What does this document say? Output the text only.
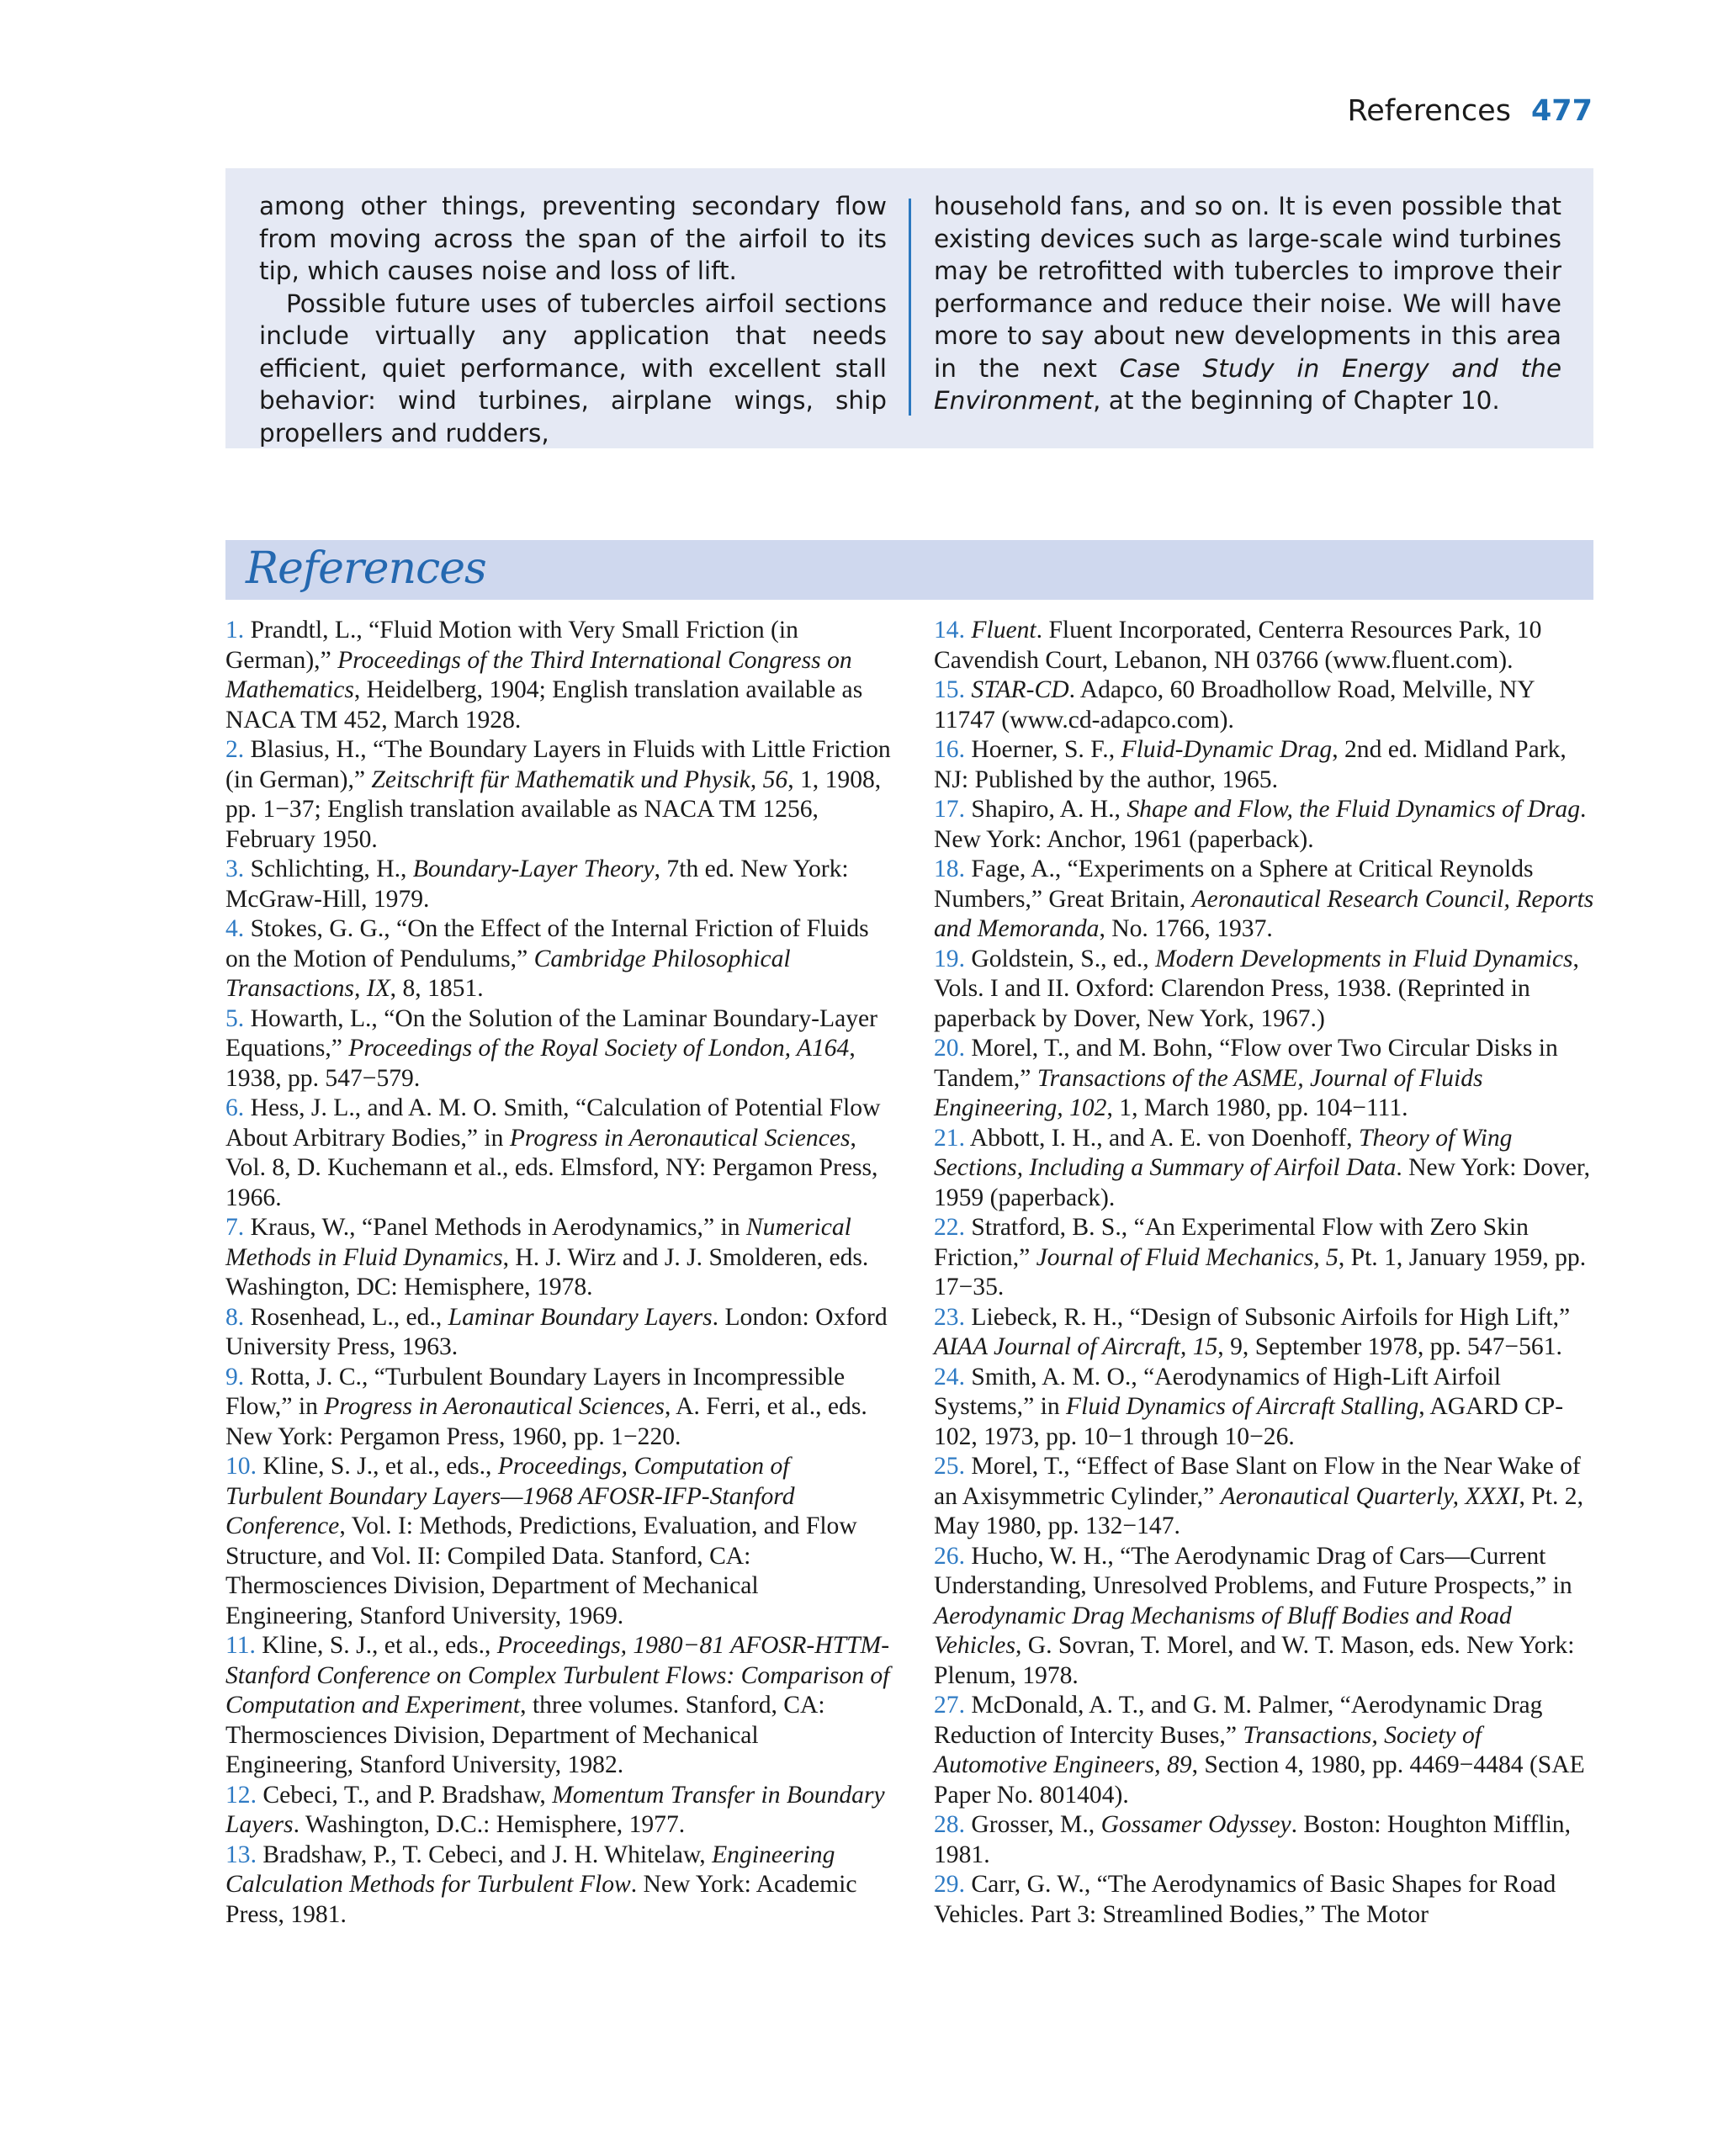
References 477

among other things, preventing secondary flow from moving across the span of the airfoil to its tip, which causes noise and loss of lift.

Possible future uses of tubercles airfoil sections include virtually any application that needs efficient, quiet performance, with excellent stall behavior: wind turbines, airplane wings, ship propellers and rudders,

household fans, and so on. It is even possible that existing devices such as large-scale wind turbines may be retrofitted with tubercles to improve their performance and reduce their noise. We will have more to say about new developments in this area in the next Case Study in Energy and the Environment, at the beginning of Chapter 10.

References

1. Prandtl, L., “Fluid Motion with Very Small Friction (in German),” Proceedings of the Third International Congress on Mathematics, Heidelberg, 1904; English translation available as NACA TM 452, March 1928.

2. Blasius, H., “The Boundary Layers in Fluids with Little Friction (in German),” Zeitschrift für Mathematik und Physik, 56, 1, 1908, pp. 1−37; English translation available as NACA TM 1256, February 1950.

3. Schlichting, H., Boundary-Layer Theory, 7th ed. New York: McGraw-Hill, 1979.

4. Stokes, G. G., “On the Effect of the Internal Friction of Fluids on the Motion of Pendulums,” Cambridge Philosophical Transactions, IX, 8, 1851.

5. Howarth, L., “On the Solution of the Laminar Boundary-Layer Equations,” Proceedings of the Royal Society of London, A164, 1938, pp. 547−579.

6. Hess, J. L., and A. M. O. Smith, “Calculation of Potential Flow About Arbitrary Bodies,” in Progress in Aeronautical Sciences, Vol. 8, D. Kuchemann et al., eds. Elmsford, NY: Pergamon Press, 1966.

7. Kraus, W., “Panel Methods in Aerodynamics,” in Numerical Methods in Fluid Dynamics, H. J. Wirz and J. J. Smolderen, eds. Washington, DC: Hemisphere, 1978.

8. Rosenhead, L., ed., Laminar Boundary Layers. London: Oxford University Press, 1963.

9. Rotta, J. C., “Turbulent Boundary Layers in Incompressible Flow,” in Progress in Aeronautical Sciences, A. Ferri, et al., eds. New York: Pergamon Press, 1960, pp. 1−220.

10. Kline, S. J., et al., eds., Proceedings, Computation of Turbulent Boundary Layers—1968 AFOSR-IFP-Stanford Conference, Vol. I: Methods, Predictions, Evaluation, and Flow Structure, and Vol. II: Compiled Data. Stanford, CA: Thermosciences Division, Department of Mechanical Engineering, Stanford University, 1969.

11. Kline, S. J., et al., eds., Proceedings, 1980−81 AFOSR-HTTM-Stanford Conference on Complex Turbulent Flows: Comparison of Computation and Experiment, three volumes. Stanford, CA: Thermosciences Division, Department of Mechanical Engineering, Stanford University, 1982.

12. Cebeci, T., and P. Bradshaw, Momentum Transfer in Boundary Layers. Washington, D.C.: Hemisphere, 1977.

13. Bradshaw, P., T. Cebeci, and J. H. Whitelaw, Engineering Calculation Methods for Turbulent Flow. New York: Academic Press, 1981.

14. Fluent. Fluent Incorporated, Centerra Resources Park, 10 Cavendish Court, Lebanon, NH 03766 (www.fluent.com).

15. STAR-CD. Adapco, 60 Broadhollow Road, Melville, NY 11747 (www.cd-adapco.com).

16. Hoerner, S. F., Fluid-Dynamic Drag, 2nd ed. Midland Park, NJ: Published by the author, 1965.

17. Shapiro, A. H., Shape and Flow, the Fluid Dynamics of Drag. New York: Anchor, 1961 (paperback).

18. Fage, A., “Experiments on a Sphere at Critical Reynolds Numbers,” Great Britain, Aeronautical Research Council, Reports and Memoranda, No. 1766, 1937.

19. Goldstein, S., ed., Modern Developments in Fluid Dynamics, Vols. I and II. Oxford: Clarendon Press, 1938. (Reprinted in paperback by Dover, New York, 1967.)

20. Morel, T., and M. Bohn, “Flow over Two Circular Disks in Tandem,” Transactions of the ASME, Journal of Fluids Engineering, 102, 1, March 1980, pp. 104−111.

21. Abbott, I. H., and A. E. von Doenhoff, Theory of Wing Sections, Including a Summary of Airfoil Data. New York: Dover, 1959 (paperback).

22. Stratford, B. S., “An Experimental Flow with Zero Skin Friction,” Journal of Fluid Mechanics, 5, Pt. 1, January 1959, pp. 17−35.

23. Liebeck, R. H., “Design of Subsonic Airfoils for High Lift,” AIAA Journal of Aircraft, 15, 9, September 1978, pp. 547−561.

24. Smith, A. M. O., “Aerodynamics of High-Lift Airfoil Systems,” in Fluid Dynamics of Aircraft Stalling, AGARD CP-102, 1973, pp. 10−1 through 10−26.

25. Morel, T., “Effect of Base Slant on Flow in the Near Wake of an Axisymmetric Cylinder,” Aeronautical Quarterly, XXXI, Pt. 2, May 1980, pp. 132−147.

26. Hucho, W. H., “The Aerodynamic Drag of Cars—Current Understanding, Unresolved Problems, and Future Prospects,” in Aerodynamic Drag Mechanisms of Bluff Bodies and Road Vehicles, G. Sovran, T. Morel, and W. T. Mason, eds. New York: Plenum, 1978.

27. McDonald, A. T., and G. M. Palmer, “Aerodynamic Drag Reduction of Intercity Buses,” Transactions, Society of Automotive Engineers, 89, Section 4, 1980, pp. 4469−4484 (SAE Paper No. 801404).

28. Grosser, M., Gossamer Odyssey. Boston: Houghton Mifflin, 1981.

29. Carr, G. W., “The Aerodynamics of Basic Shapes for Road Vehicles. Part 3: Streamlined Bodies,” The Motor
